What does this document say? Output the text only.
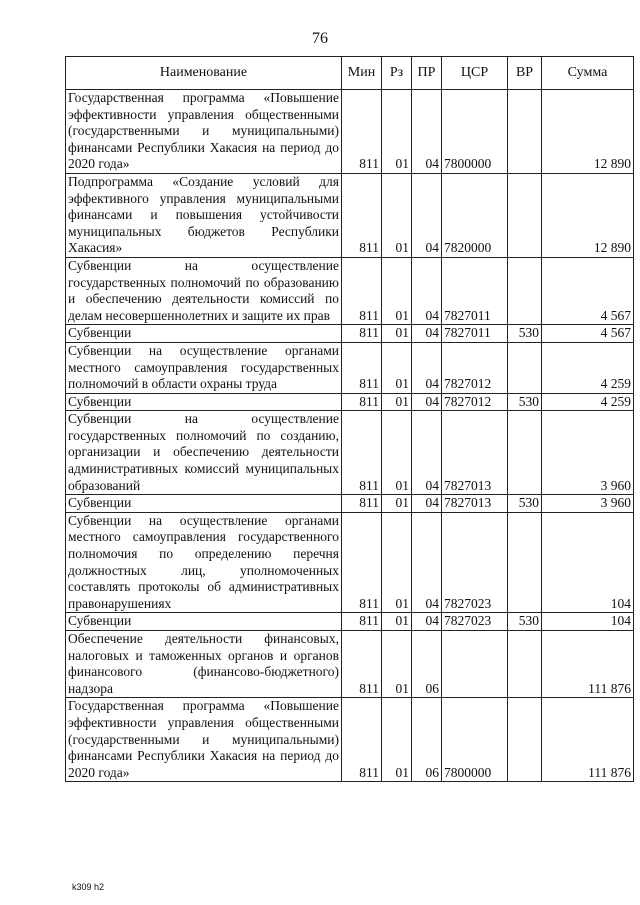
76
Наименование	Мин	Рз	ПР	ЦСР	ВР	Сумма
Государственная программа «Повышение эффективности управления общественными (государственными и муниципальными) финансами Республики Хакасия на период до 2020 года»	811	01	04	7800000		12 890
Подпрограмма «Создание условий для эффективного управления муниципальными финансами и повышения устойчивости муниципальных бюджетов Республики Хакасия»	811	01	04	7820000		12 890
Субвенции на осуществление государственных полномочий по образованию и обеспечению деятельности комиссий по делам несовершеннолетних и защите их прав	811	01	04	7827011		4 567
Субвенции	811	01	04	7827011	530	4 567
Субвенции на осуществление органами местного самоуправления государственных полномочий в области охраны труда	811	01	04	7827012		4 259
Субвенции	811	01	04	7827012	530	4 259
Субвенции на осуществление государственных полномочий по созданию, организации и обеспечению деятельности административных комиссий муниципальных образований	811	01	04	7827013		3 960
Субвенции	811	01	04	7827013	530	3 960
Субвенции на осуществление органами местного самоуправления государственного полномочия по определению перечня должностных лиц, уполномоченных составлять протоколы об административных правонарушениях	811	01	04	7827023		104
Субвенции	811	01	04	7827023	530	104
Обеспечение деятельности финансовых, налоговых и таможенных органов и органов финансового (финансово-бюджетного) надзора	811	01	06			111 876
Государственная программа «Повышение эффективности управления общественными (государственными и муниципальными) финансами Республики Хакасия на период до 2020 года»	811	01	06	7800000		111 876
k309 h2
